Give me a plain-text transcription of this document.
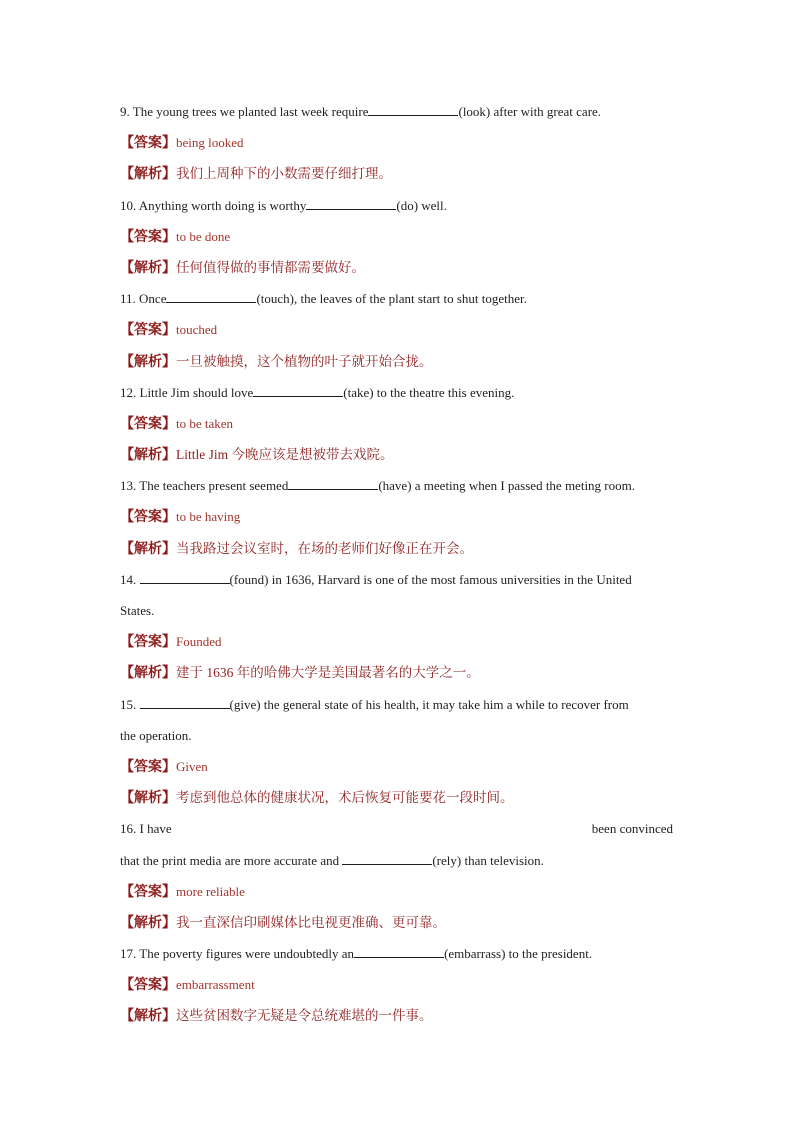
9. The young trees we planted last week require	(look) after with great care.
【答案】being looked
【解析】我们上周种下的小数需要仔细打理。
10. Anything worth doing is worthy	(do) well.
【答案】to be done
【解析】任何值得做的事情都需要做好。
11. Once	(touch), the leaves of the plant start to shut together.
【答案】touched
【解析】一旦被触摸，这个植物的叶子就开始合拢。
12. Little Jim should love	(take) to the theatre this evening.
【答案】to be taken
【解析】Little Jim 今晚应该是想被带去戏院。
13. The teachers present seemed	(have) a meeting when I passed the meting room.
【答案】to be having
【解析】当我路过会议室时，在场的老师们好像正在开会。
14.	(found) in 1636, Harvard is one of the most famous universities in the United
States.
【答案】Founded
【解析】建于 1636 年的哈佛大学是美国最著名的大学之一。
15.	(give) the general state of his health, it may take him a while to recover from
the operation.
【答案】Given
【解析】考虑到他总体的健康状况，术后恢复可能要花一段时间。
16. I have	been convinced
that the print media are more accurate and	(rely) than television.
【答案】more reliable
【解析】我一直深信印刷媒体比电视更准确、更可靠。
17. The poverty figures were undoubtedly an	(embarrass) to the president.
【答案】embarrassment
【解析】这些贫困数字无疑是令总统难堪的一件事。
